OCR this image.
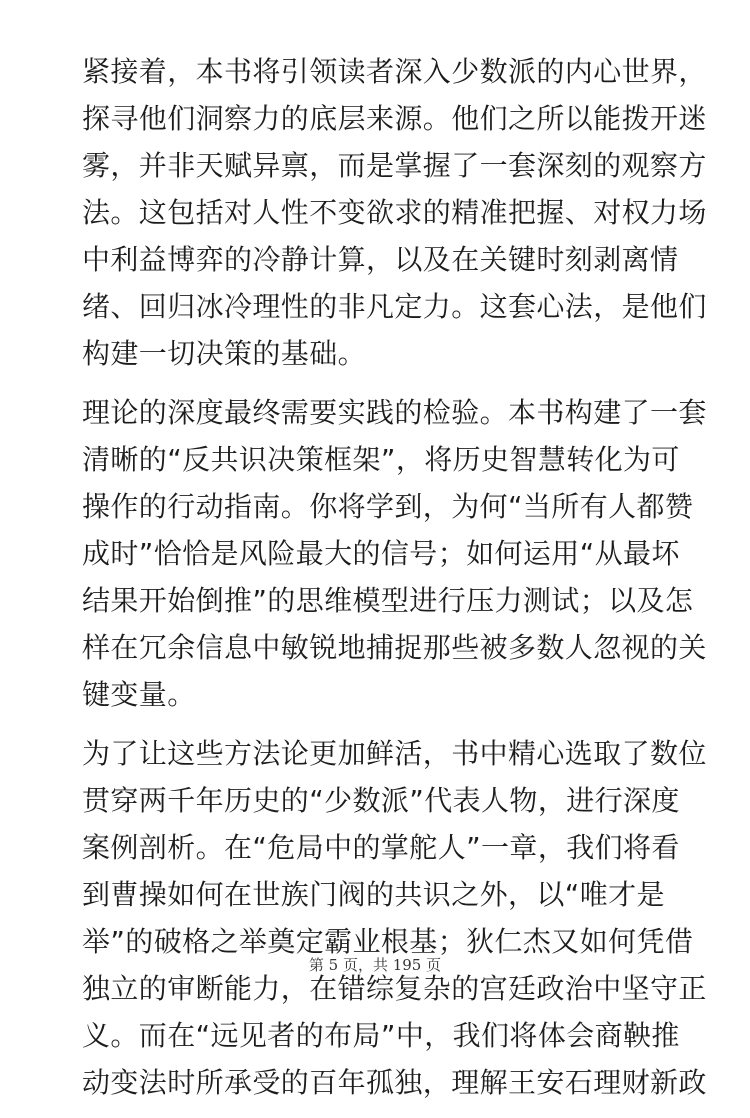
紧接着，本书将引领读者深入少数派的内心世界，
探寻他们洞察力的底层来源。他们之所以能拨开迷
雾，并非天赋异禀，而是掌握了一套深刻的观察方
法。这包括对人性不变欲求的精准把握、对权力场
中利益博弈的冷静计算，以及在关键时刻剥离情
绪、回归冰冷理性的非凡定力。这套心法，是他们
构建一切决策的基础。
理论的深度最终需要实践的检验。本书构建了一套
清晰的“反共识决策框架”，将历史智慧转化为可
操作的行动指南。你将学到，为何“当所有人都赞
成时”恰恰是风险最大的信号；如何运用“从最坏
结果开始倒推”的思维模型进行压力测试；以及怎
样在冗余信息中敏锐地捕捉那些被多数人忽视的关
键变量。
为了让这些方法论更加鲜活，书中精心选取了数位
贯穿两千年历史的“少数派”代表人物，进行深度
案例剖析。在“危局中的掌舵人”一章，我们将看
到曹操如何在世族门阀的共识之外，以“唯才是
举”的破格之举奠定霸业根基；狄仁杰又如何凭借
独立的审断能力，在错综复杂的宫廷政治中坚守正
义。而在“远见者的布局”中，我们将体会商鞅推
动变法时所承受的百年孤独，理解王安石理财新政
第 5 页，共 195 页
